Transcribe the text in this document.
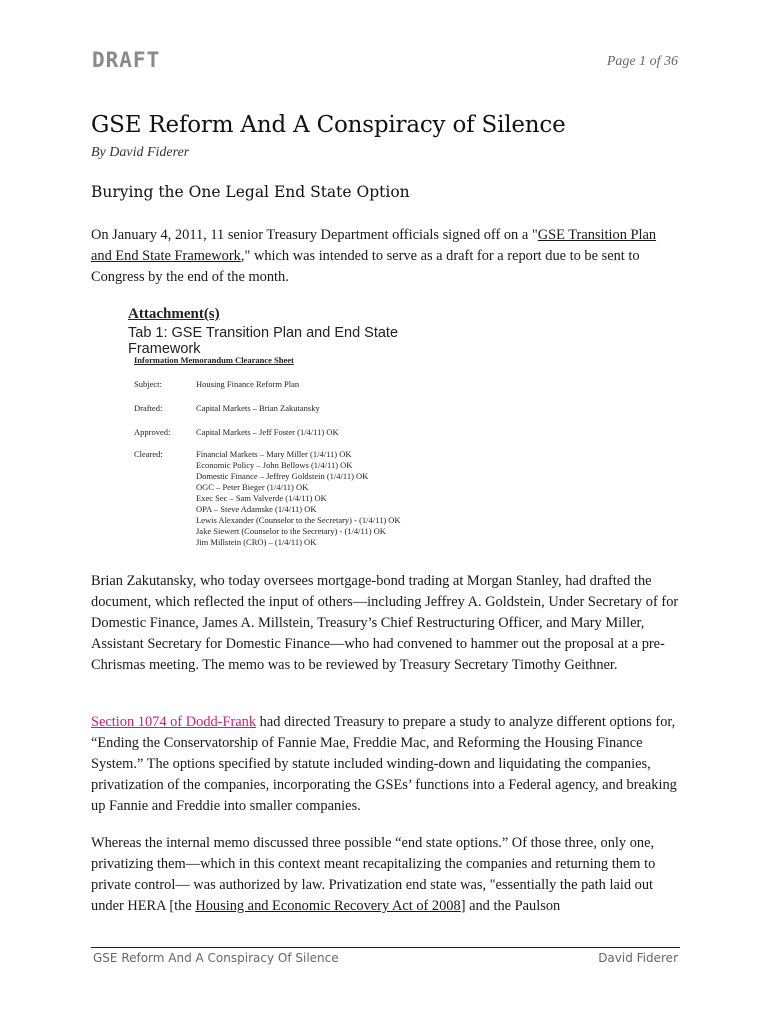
DRAFT	Page 1 of 36
GSE Reform And A Conspiracy of Silence
By David Fiderer
Burying the One Legal End State Option

On January 4, 2011, 11 senior Treasury Department officials signed off on a "GSE Transition Plan and End State Framework," which was intended to serve as a draft for a report due to be sent to Congress by the end of the month.

Attachment(s)
Tab 1: GSE Transition Plan and End State Framework
Information Memorandum Clearance Sheet
Subject:	Housing Finance Reform Plan
Drafted:	Capital Markets – Brian Zakutansky
Approved:	Capital Markets – Jeff Foster (1/4/11) OK
Cleared:	Financial Markets – Mary Miller (1/4/11) OK
Economic Policy – John Bellows (1/4/11) OK
Domestic Finance – Jeffrey Goldstein (1/4/11) OK
OGC – Peter Bieger (1/4/11) OK
Exec Sec – Sam Valverde (1/4/11) OK
OPA – Steve Adamske (1/4/11) OK
Lewis Alexander (Counselor to the Secretary) - (1/4/11) OK
Jake Siewert (Counselor to the Secretary) - (1/4/11) OK
Jim Millstein (CRO) – (1/4/11) OK

Brian Zakutansky, who today oversees mortgage-bond trading at Morgan Stanley, had drafted the document, which reflected the input of others—including Jeffrey A. Goldstein, Under Secretary of for Domestic Finance, James A. Millstein, Treasury’s Chief Restructuring Officer, and Mary Miller, Assistant Secretary for Domestic Finance—who had convened to hammer out the proposal at a pre-Chrismas meeting. The memo was to be reviewed by Treasury Secretary Timothy Geithner.

Section 1074 of Dodd-Frank had directed Treasury to prepare a study to analyze different options for, “Ending the Conservatorship of Fannie Mae, Freddie Mac, and Reforming the Housing Finance System.” The options specified by statute included winding-down and liquidating the companies, privatization of the companies, incorporating the GSEs’ functions into a Federal agency, and breaking up Fannie and Freddie into smaller companies.

Whereas the internal memo discussed three possible “end state options.” Of those three, only one, privatizing them—which in this context meant recapitalizing the companies and returning them to private control— was authorized by law. Privatization end state was, "essentially the path laid out under HERA [the Housing and Economic Recovery Act of 2008] and the Paulson

GSE Reform And A Conspiracy Of Silence	David Fiderer
